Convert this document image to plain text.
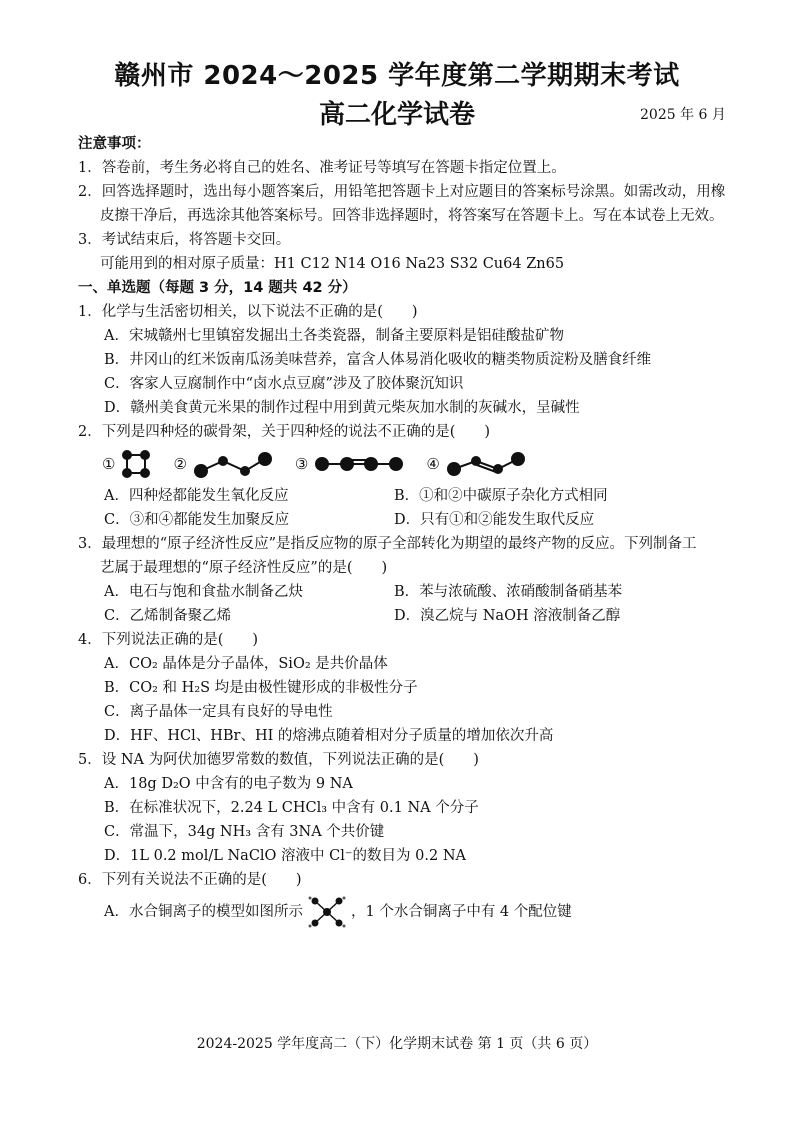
赣州市 2024～2025 学年度第二学期期末考试
高二化学试卷	2025 年 6 月
注意事项：
1．答卷前，考生务必将自己的姓名、准考证号等填写在答题卡指定位置上。
2．回答选择题时，选出每小题答案后，用铅笔把答题卡上对应题目的答案标号涂黑。如需改动，用橡
皮擦干净后，再选涂其他答案标号。回答非选择题时，将答案写在答题卡上。写在本试卷上无效。
3．考试结束后，将答题卡交回。
可能用到的相对原子质量：H1 C12 N14 O16 Na23 S32 Cu64 Zn65
一、单选题（每题 3 分，14 题共 42 分）
1．化学与生活密切相关，以下说法不正确的是(　　)
A．宋城赣州七里镇窑发掘出土各类瓷器，制备主要原料是铝硅酸盐矿物
B．井冈山的红米饭南瓜汤美味营养，富含人体易消化吸收的糖类物质淀粉及膳食纤维
C．客家人豆腐制作中“卤水点豆腐”涉及了胶体聚沉知识
D．赣州美食黄元米果的制作过程中用到黄元柴灰加水制的灰碱水，呈碱性
2．下列是四种烃的碳骨架，关于四种烃的说法不正确的是(　　)
①	②	③	④
A．四种烃都能发生氧化反应	B．①和②中碳原子杂化方式相同
C．③和④都能发生加聚反应	D．只有①和②能发生取代反应
3．最理想的“原子经济性反应”是指反应物的原子全部转化为期望的最终产物的反应。下列制备工
艺属于最理想的“原子经济性反应”的是(　　)
A．电石与饱和食盐水制备乙炔	B．苯与浓硫酸、浓硝酸制备硝基苯
C．乙烯制备聚乙烯	D．溴乙烷与 NaOH 溶液制备乙醇
4．下列说法正确的是(　　)
A．CO₂ 晶体是分子晶体，SiO₂ 是共价晶体
B．CO₂ 和 H₂S 均是由极性键形成的非极性分子
C．离子晶体一定具有良好的导电性
D．HF、HCl、HBr、HI 的熔沸点随着相对分子质量的增加依次升高
5．设 NA 为阿伏加德罗常数的数值，下列说法正确的是(　　)
A．18g D₂O 中含有的电子数为 9 NA
B．在标准状况下，2.24 L CHCl₃ 中含有 0.1 NA 个分子
C．常温下，34g NH₃ 含有 3NA 个共价键
D．1L 0.2 mol/L NaClO 溶液中 Cl⁻的数目为 0.2 NA
6．下列有关说法不正确的是(　　)
A．水合铜离子的模型如图所示	，1 个水合铜离子中有 4 个配位键
2024-2025 学年度高二（下）化学期末试卷 第 1 页（共 6 页）
